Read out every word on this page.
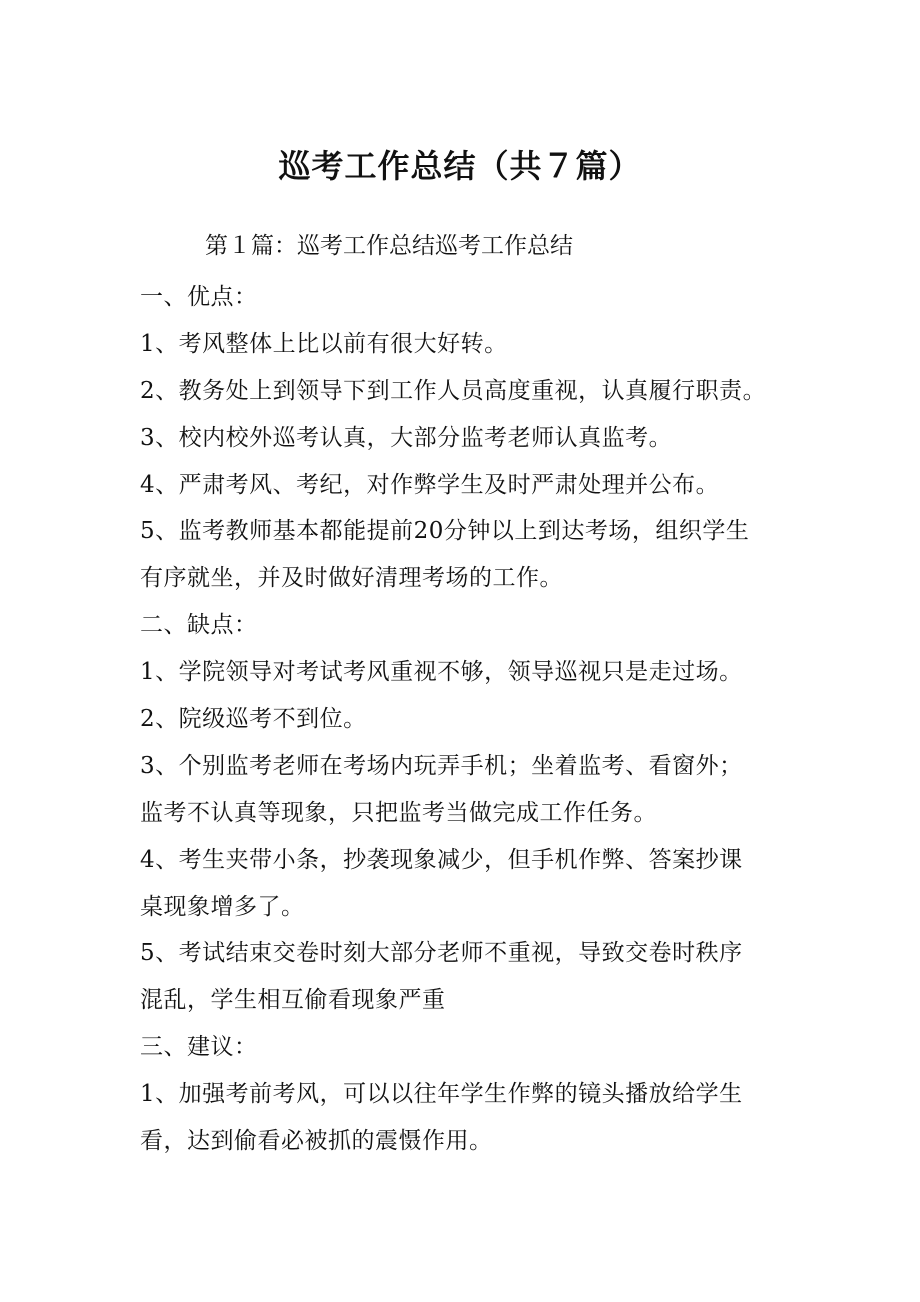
巡考工作总结（共７篇）
第１篇：巡考工作总结巡考工作总结
一、优点：
1、考风整体上比以前有很大好转。
2、教务处上到领导下到工作人员高度重视，认真履行职责。
3、校内校外巡考认真，大部分监考老师认真监考。
4、严肃考风、考纪，对作弊学生及时严肃处理并公布。
5、监考教师基本都能提前20分钟以上到达考场，组织学生
有序就坐，并及时做好清理考场的工作。
二、缺点：
1、学院领导对考试考风重视不够，领导巡视只是走过场。
2、院级巡考不到位。
3、个别监考老师在考场内玩弄手机；坐着监考、看窗外；
监考不认真等现象，只把监考当做完成工作任务。
4、考生夹带小条，抄袭现象减少，但手机作弊、答案抄课
桌现象增多了。
5、考试结束交卷时刻大部分老师不重视，导致交卷时秩序
混乱，学生相互偷看现象严重
三、建议：
1、加强考前考风，可以以往年学生作弊的镜头播放给学生
看，达到偷看必被抓的震慑作用。
